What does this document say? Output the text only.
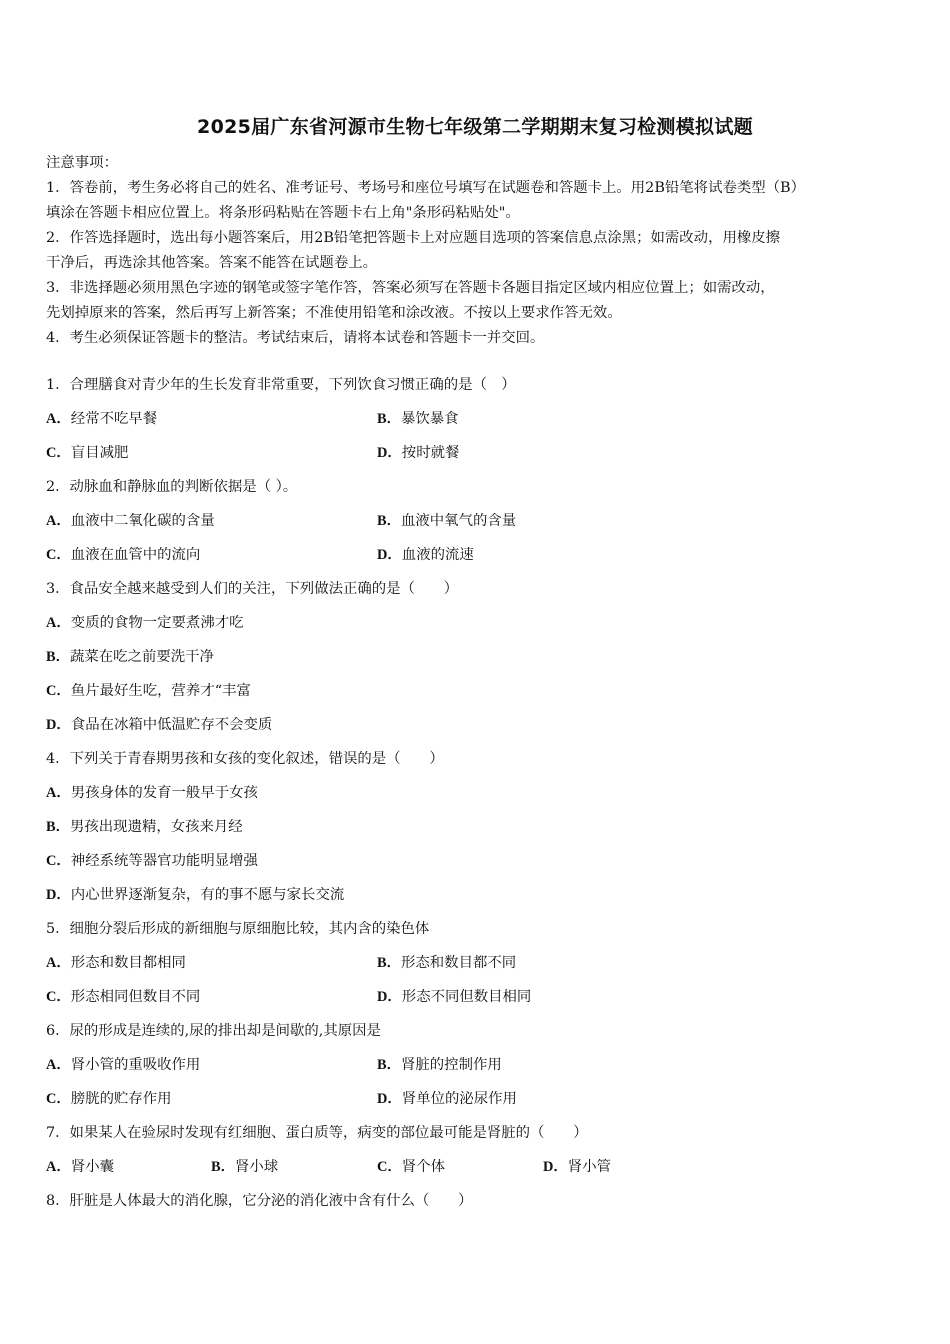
2025届广东省河源市生物七年级第二学期期末复习检测模拟试题
注意事项：
1．答卷前，考生务必将自己的姓名、准考证号、考场号和座位号填写在试题卷和答题卡上。用2B铅笔将试卷类型（B）
填涂在答题卡相应位置上。将条形码粘贴在答题卡右上角"条形码粘贴处"。
2．作答选择题时，选出每小题答案后，用2B铅笔把答题卡上对应题目选项的答案信息点涂黑；如需改动，用橡皮擦
干净后，再选涂其他答案。答案不能答在试题卷上。
3．非选择题必须用黑色字迹的钢笔或签字笔作答，答案必须写在答题卡各题目指定区域内相应位置上；如需改动，
先划掉原来的答案，然后再写上新答案；不准使用铅笔和涂改液。不按以上要求作答无效。
4．考生必须保证答题卡的整洁。考试结束后，请将本试卷和答题卡一并交回。
1．合理膳食对青少年的生长发育非常重要，下列饮食习惯正确的是（　）
A．经常不吃早餐	B．暴饮暴食
C．盲目减肥	D．按时就餐
2．动脉血和静脉血的判断依据是（ ）。
A．血液中二氧化碳的含量	B．血液中氧气的含量
C．血液在血管中的流向	D．血液的流速
3．食品安全越来越受到人们的关注，下列做法正确的是（　　）
A．变质的食物一定要煮沸才吃
B．蔬菜在吃之前要洗干净
C．鱼片最好生吃，营养才“丰富
D．食品在冰箱中低温贮存不会变质
4．下列关于青春期男孩和女孩的变化叙述，错误的是（　　）
A．男孩身体的发育一般早于女孩
B．男孩出现遗精，女孩来月经
C．神经系统等器官功能明显增强
D．内心世界逐渐复杂，有的事不愿与家长交流
5．细胞分裂后形成的新细胞与原细胞比较，其内含的染色体
A．形态和数目都相同	B．形态和数目都不同
C．形态相同但数目不同	D．形态不同但数目相同
6．尿的形成是连续的,尿的排出却是间歇的,其原因是
A．肾小管的重吸收作用	B．肾脏的控制作用
C．膀胱的贮存作用	D．肾单位的泌尿作用
7．如果某人在验尿时发现有红细胞、蛋白质等，病变的部位最可能是肾脏的（　　）
A．肾小囊	B．肾小球	C．肾个体	D．肾小管
8．肝脏是人体最大的消化腺，它分泌的消化液中含有什么（　　）
